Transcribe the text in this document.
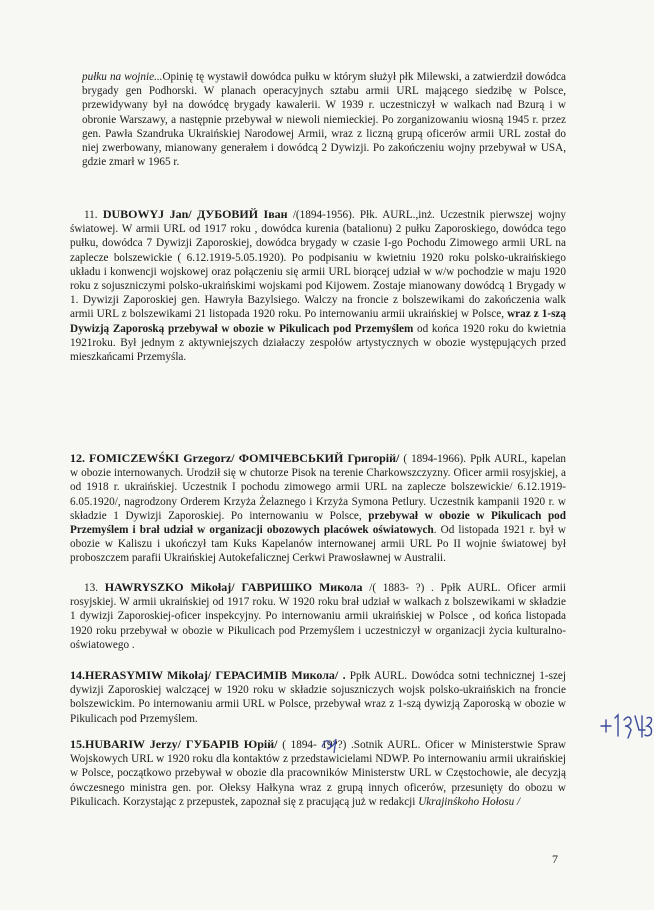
pułku na wojnie...Opinię tę wystawił dowódca pułku w którym służył płk Milewski, a zatwierdził dowódca brygady gen Podhorski. W planach operacyjnych sztabu armii URL mającego siedzibę w Polsce, przewidywany był na dowódcę brygady kawalerii. W 1939 r. uczestniczył w walkach nad Bzurą i w obronie Warszawy, a następnie przebywał w niewoli niemieckiej. Po zorganizowaniu wiosną 1945 r. przez gen. Pawła Szandruka Ukraińskiej Narodowej Armii, wraz z liczną grupą oficerów armii URL został do niej zwerbowany, mianowany generałem i dowódcą 2 Dywizji. Po zakończeniu wojny przebywał w USA, gdzie zmarł w 1965 r.

11. DUBOWYJ Jan/ ДУБОВИЙ Іван /(1894-1956). Płk. AURL.,inż. Uczestnik pierwszej wojny światowej. W armii URL od 1917 roku , dowódca kurenia (batalionu) 2 pułku Zaporoskiego, dowódca tego pułku, dowódca 7 Dywizji Zaporoskiej, dowódca brygady w czasie I-go Pochodu Zimowego armii URL na zaplecze bolszewickie ( 6.12.1919-5.05.1920). Po podpisaniu w kwietniu 1920 roku polsko-ukraińskiego układu i konwencji wojskowej oraz połączeniu się armii URL biorącej udział w w/w pochodzie w maju 1920 roku z sojuszniczymi polsko-ukraińskimi wojskami pod Kijowem. Zostaje mianowany dowódcą 1 Brygady w 1. Dywizji Zaporoskiej gen. Hawryła Bazylsiego. Walczy na froncie z bolszewikami do zakończenia walk armii URL z bolszewikami 21 listopada 1920 roku. Po internowaniu armii ukraińskiej w Polsce, wraz z 1-szą Dywizją Zaporoską przebywał w obozie w Pikulicach pod Przemyślem od końca 1920 roku do kwietnia 1921roku. Był jednym z aktywniejszych działaczy zespołów artystycznych w obozie występujących przed mieszkańcami Przemyśla.

12. FOMICZEWŚKI Grzegorz/ ФОМІЧЕВСЬКИЙ Григорій/ ( 1894-1966). Ppłk AURL, kapelan w obozie internowanych. Urodził się w chutorze Pisok na terenie Charkowszczyzny. Oficer armii rosyjskiej, a od 1918 r. ukraińskiej. Uczestnik I pochodu zimowego armii URL na zaplecze bolszewickie/ 6.12.1919-6.05.1920/, nagrodzony Orderem Krzyża Żelaznego i Krzyża Symona Petlury. Uczestnik kampanii 1920 r. w składzie 1 Dywizji Zaporoskiej. Po internowaniu w Polsce, przebywał w obozie w Pikulicach pod Przemyślem i brał udział w organizacji obozowych placówek oświatowych. Od listopada 1921 r. był w obozie w Kaliszu i ukończył tam Kuks Kapelanów internowanej armii URL Po II wojnie światowej był proboszczem parafii Ukraińskiej Autokefalicznej Cerkwi Prawosławnej w Australii.

13. HAWRYSZKO Mikołaj/ ГАВРИШКО Микола /( 1883- ?) . Ppłk AURL. Oficer armii rosyjskiej. W armii ukraińskiej od 1917 roku. W 1920 roku brał udział w walkach z bolszewikami w składzie 1 dywizji Zaporoskiej-oficer inspekcyjny. Po internowaniu armii ukraińskiej w Polsce , od końca listopada 1920 roku przebywał w obozie w Pikulicach pod Przemyślem i uczestniczył w organizacji życia kulturalno-oświatowego .

14.HERASYMIW Mikołaj/ ГЕРАСИМІВ Микола/ . Ppłk AURL. Dowódca sotni technicznej 1-szej dywizji Zaporoskiej walczącej w 1920 roku w składzie sojuszniczych wojsk polsko-ukraińskich na froncie bolszewickim. Po internowaniu armii URL w Polsce, przebywał wraz z 1-szą dywizją Zaporoską w obozie w Pikulicach pod Przemyślem.

15.HUBARIW Jerzy/ ГУБАРІВ Юрій/ ( 1894- 19??) .Sotnik AURL. Oficer w Ministerstwie Spraw Wojskowych URL w 1920 roku dla kontaktów z przedstawicielami NDWP. Po internowaniu armii ukraińskiej w Polsce, początkowo przebywał w obozie dla pracowników Ministerstw URL w Częstochowie, ale decyzją ówczesnego ministra gen. por. Ołeksy Hałkyna wraz z grupą innych oficerów, przesunięty do obozu w Pikulicach. Korzystając z przepustek, zapoznał się z pracującą już w redakcji Ukrajinśkoho Hołosu /

7
